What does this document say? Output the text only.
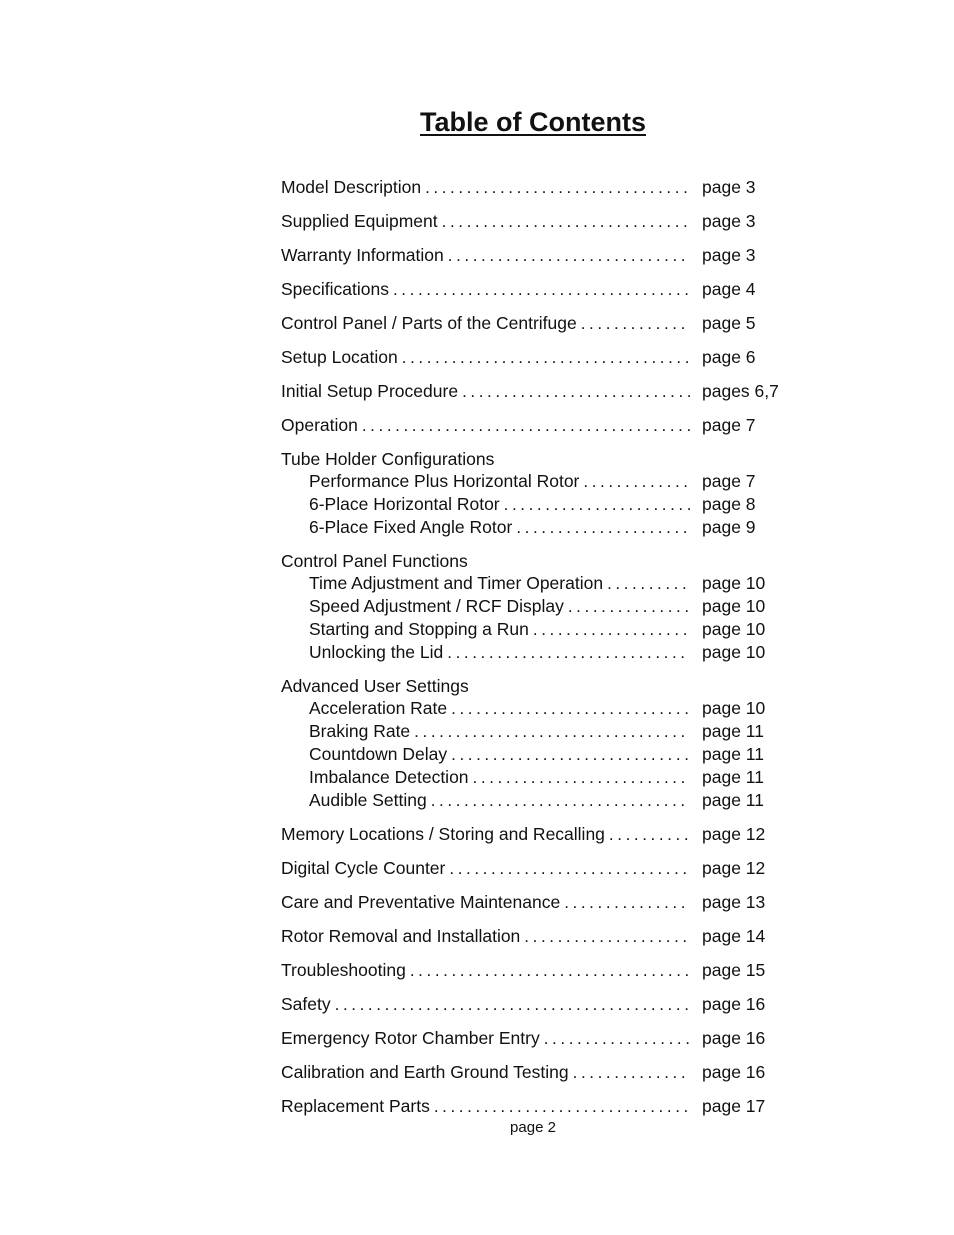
Table of Contents
Model Description .....	page 3
Supplied Equipment .....	page 3
Warranty Information .....	page 3
Specifications .....	page 4
Control Panel / Parts of the Centrifuge .....	page 5
Setup Location .....	page 6
Initial Setup Procedure .....	pages 6,7
Operation .....	page 7
Tube Holder Configurations
Performance Plus Horizontal Rotor .....	page 7
6-Place Horizontal Rotor .....	page 8
6-Place Fixed Angle Rotor .....	page 9
Control Panel Functions
Time Adjustment and Timer Operation .....	page 10
Speed Adjustment / RCF Display .....	page 10
Starting and Stopping a Run .....	page 10
Unlocking the Lid .....	page 10
Advanced User Settings
Acceleration Rate .....	page 10
Braking Rate .....	page 11
Countdown Delay .....	page 11
Imbalance Detection .....	page 11
Audible Setting .....	page 11
Memory Locations / Storing and Recalling .....	page 12
Digital Cycle Counter .....	page 12
Care and Preventative Maintenance .....	page 13
Rotor Removal and Installation .....	page 14
Troubleshooting .....	page 15
Safety .....	page 16
Emergency Rotor Chamber Entry .....	page 16
Calibration and Earth Ground Testing .....	page 16
Replacement Parts .....	page 17
page 2
